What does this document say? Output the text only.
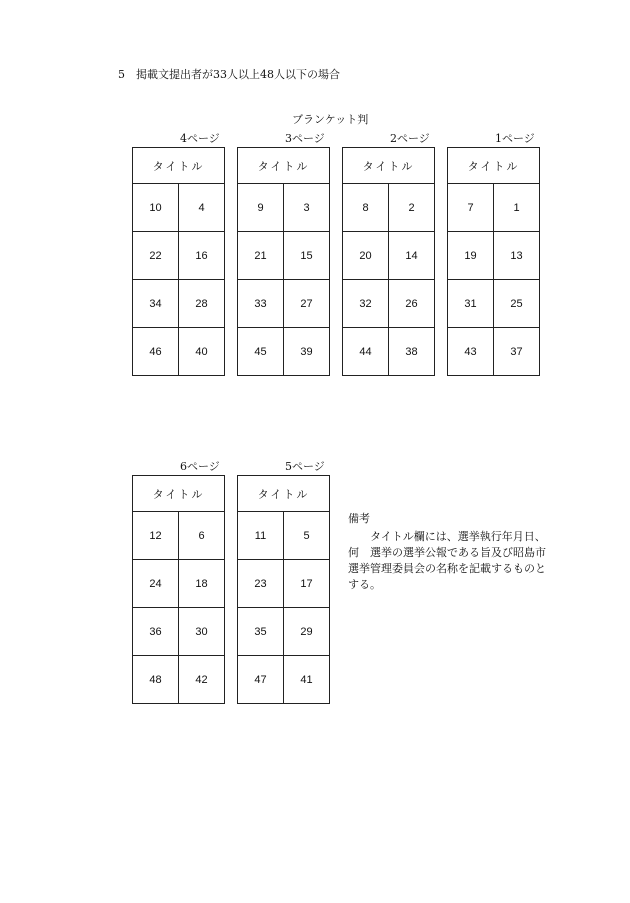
5　掲載文提出者が33人以上48人以下の場合
ブランケット判
4ページ
タイトル
10	4
22	16
34	28
46	40
3ページ
タイトル
9	3
21	15
33	27
45	39
2ページ
タイトル
8	2
20	14
32	26
44	38
1ページ
タイトル
7	1
19	13
31	25
43	37
6ページ
タイトル
12	6
24	18
36	30
48	42
5ページ
タイトル
11	5
23	17
35	29
47	41
備考
タイトル欄には、選挙執行年月日、　何　選挙の選挙公報である旨及び昭島市選挙管理委員会の名称を記載するものとする。
